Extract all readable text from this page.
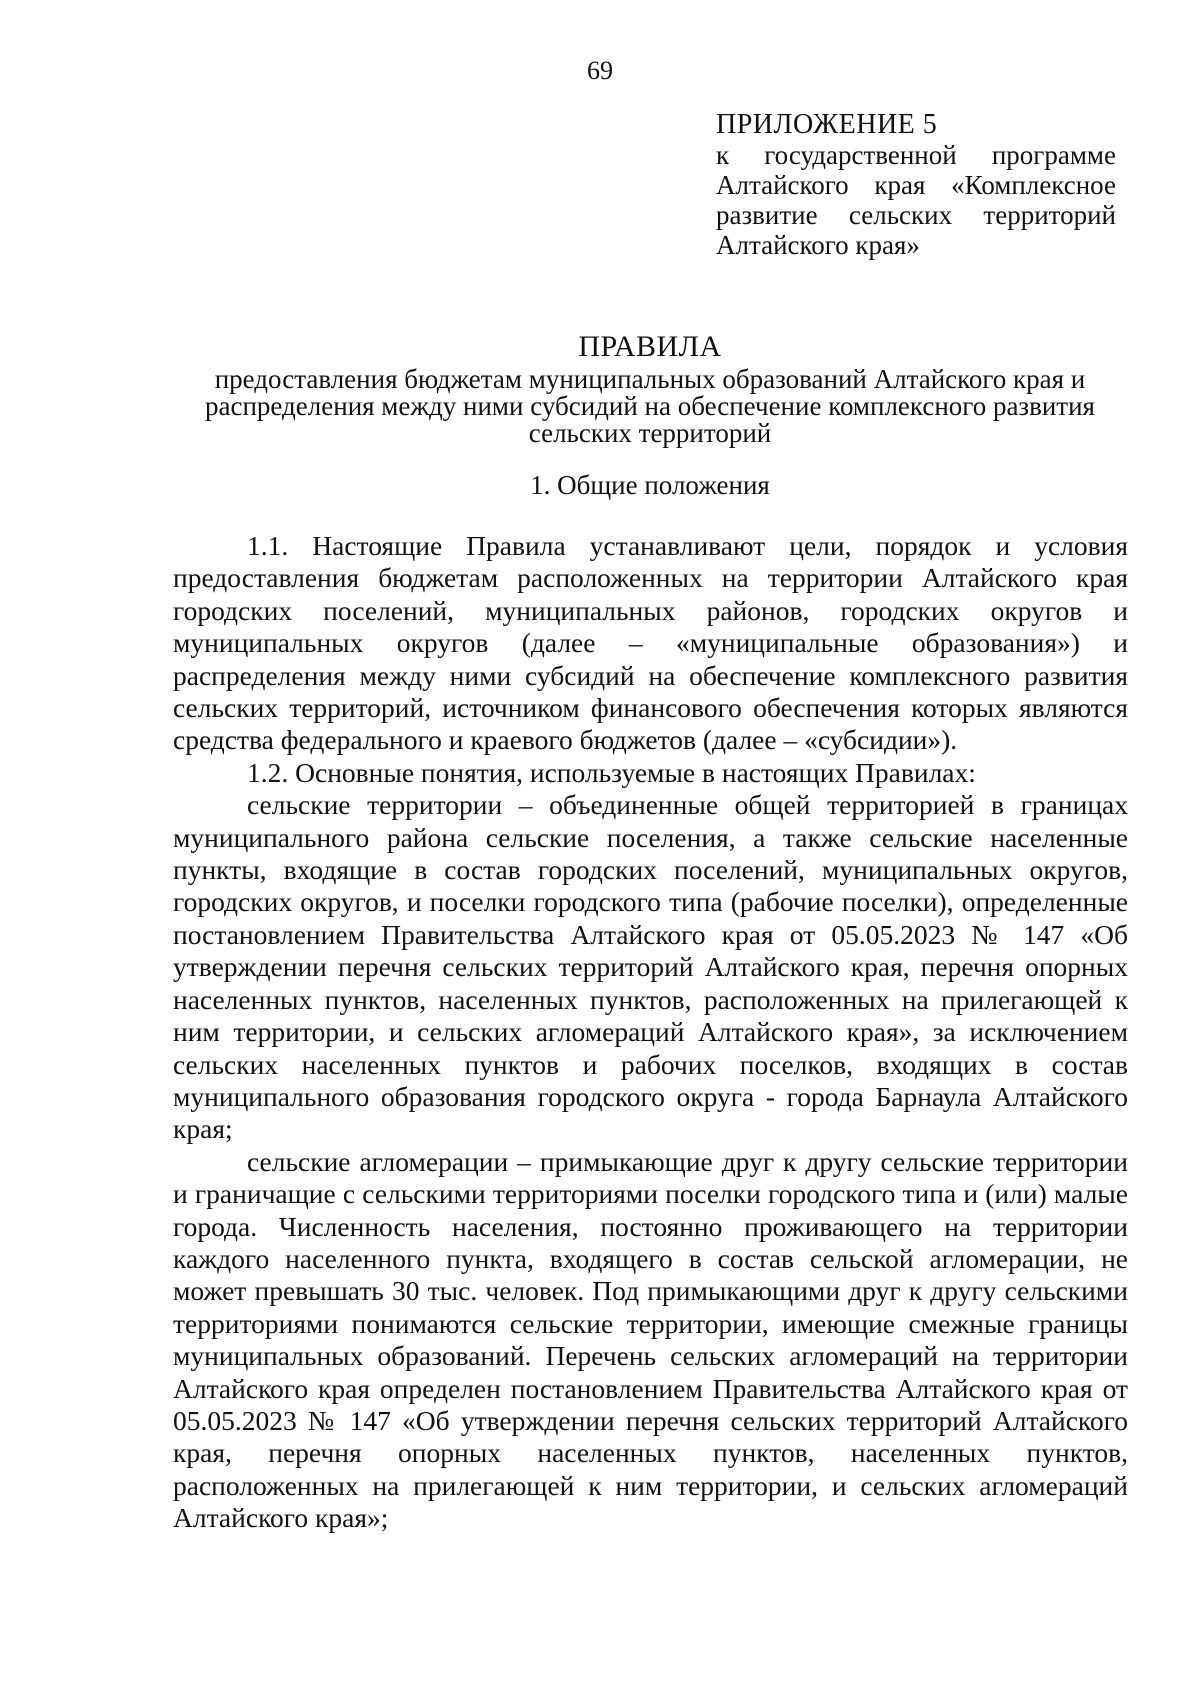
69
ПРИЛОЖЕНИЕ 5
к государственной программе
Алтайского края «Комплексное
развитие сельских территорий
Алтайского края»
ПРАВИЛА
предоставления бюджетам муниципальных образований Алтайского края и
распределения между ними субсидий на обеспечение комплексного развития
сельских территорий
1. Общие положения

1.1. Настоящие Правила устанавливают цели, порядок и условия предоставления бюджетам расположенных на территории Алтайского края городских поселений, муниципальных районов, городских округов и муниципальных округов (далее – «муниципальные образования») и распределения между ними субсидий на обеспечение комплексного развития сельских территорий, источником финансового обеспечения которых являются средства федерального и краевого бюджетов (далее – «субсидии»).

1.2. Основные понятия, используемые в настоящих Правилах:

сельские территории – объединенные общей территорией в границах муниципального района сельские поселения, а также сельские населенные пункты, входящие в состав городских поселений, муниципальных округов, городских округов, и поселки городского типа (рабочие поселки), определенные постановлением Правительства Алтайского края от 05.05.2023 № 147 «Об утверждении перечня сельских территорий Алтайского края, перечня опорных населенных пунктов, населенных пунктов, расположенных на прилегающей к ним территории, и сельских агломераций Алтайского края», за исключением сельских населенных пунктов и рабочих поселков, входящих в состав муниципального образования городского округа - города Барнаула Алтайского края;

сельские агломерации – примыкающие друг к другу сельские территории и граничащие с сельскими территориями поселки городского типа и (или) малые города. Численность населения, постоянно проживающего на территории каждого населенного пункта, входящего в состав сельской агломерации, не может превышать 30 тыс. человек. Под примыкающими друг к другу сельскими территориями понимаются сельские территории, имеющие смежные границы муниципальных образований. Перечень сельских агломераций на территории Алтайского края определен постановлением Правительства Алтайского края от 05.05.2023 № 147 «Об утверждении перечня сельских территорий Алтайского края, перечня опорных населенных пунктов, населенных пунктов, расположенных на прилегающей к ним территории, и сельских агломераций Алтайского края»;
